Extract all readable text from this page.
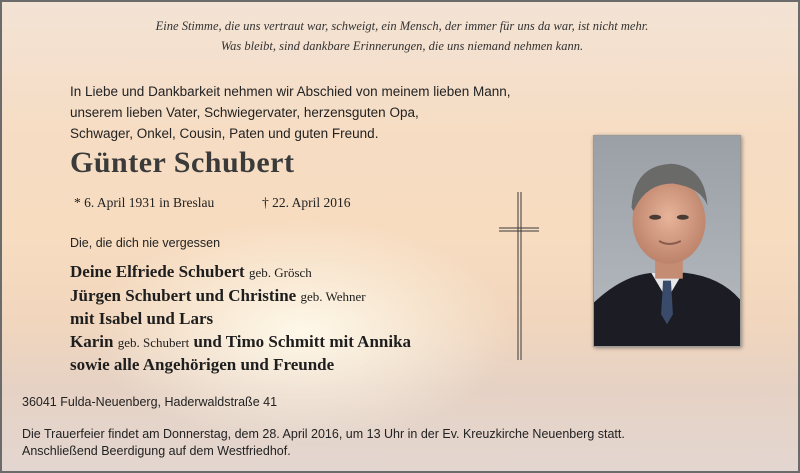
Eine Stimme, die uns vertraut war, schweigt, ein Mensch, der immer für uns da war, ist nicht mehr.
Was bleibt, sind dankbare Erinnerungen, die uns niemand nehmen kann.
In Liebe und Dankbarkeit nehmen wir Abschied von meinem lieben Mann,
unserem lieben Vater, Schwiegervater, herzensguten Opa,
Schwager, Onkel, Cousin, Paten und guten Freund.
Günter Schubert
* 6. April 1931 in Breslau	† 22. April 2016
Die, die dich nie vergessen
Deine Elfriede Schubert geb. Grösch
Jürgen Schubert und Christine geb. Wehner
mit Isabel und Lars
Karin geb. Schubert und Timo Schmitt mit Annika
sowie alle Angehörigen und Freunde
36041 Fulda-Neuenberg, Haderwaldstraße 41
Die Trauerfeier findet am Donnerstag, dem 28. April 2016, um 13 Uhr in der Ev. Kreuzkirche Neuenberg statt.
Anschließend Beerdigung auf dem Westfriedhof.
